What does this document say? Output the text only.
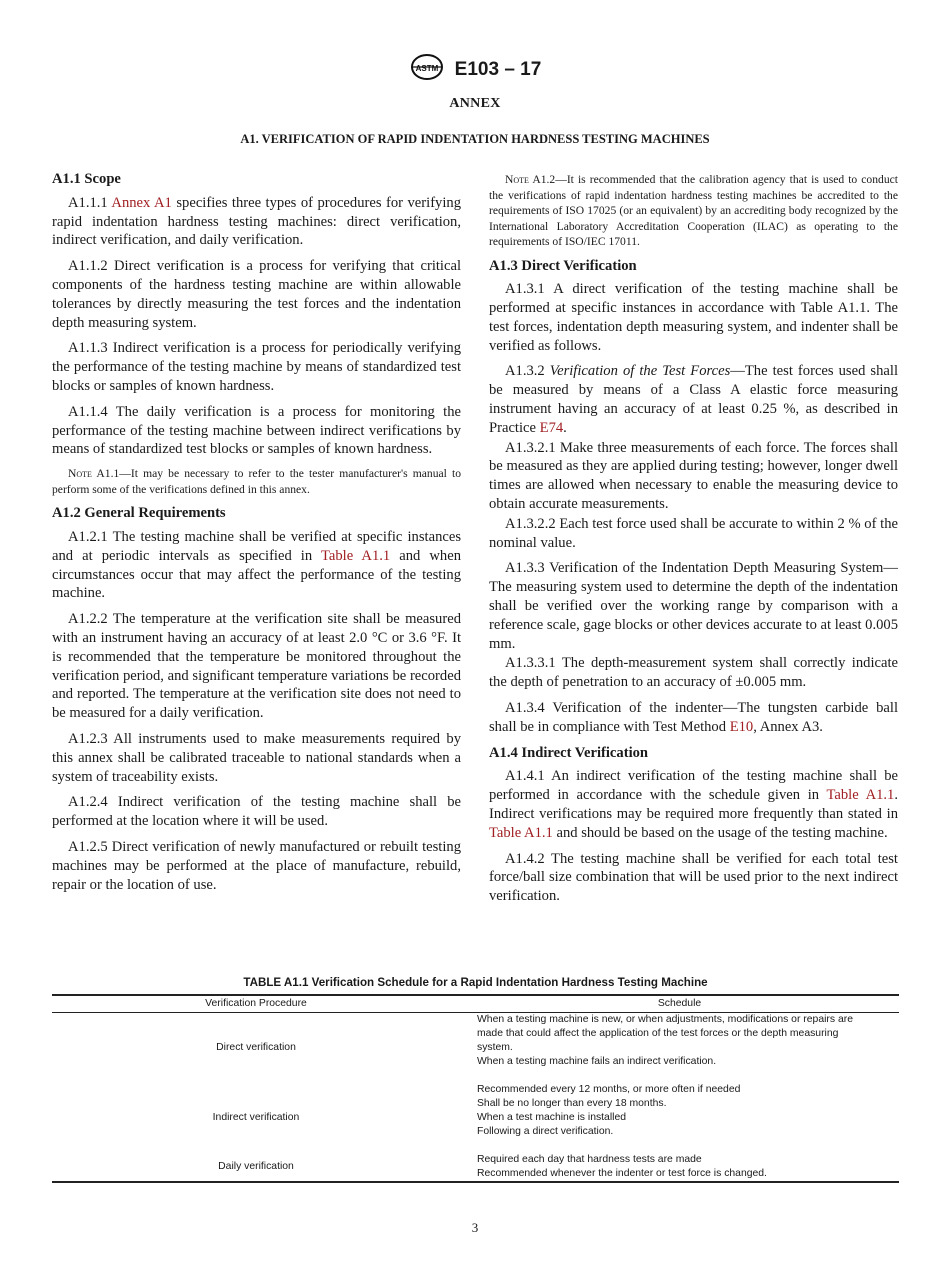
ASTM E103 – 17
ANNEX
A1. VERIFICATION OF RAPID INDENTATION HARDNESS TESTING MACHINES
A1.1 Scope

A1.1.1 Annex A1 specifies three types of procedures for verifying rapid indentation hardness testing machines: direct verification, indirect verification, and daily verification.

A1.1.2 Direct verification is a process for verifying that critical components of the hardness testing machine are within allowable tolerances by directly measuring the test forces and the indentation depth measuring system.

A1.1.3 Indirect verification is a process for periodically verifying the performance of the testing machine by means of standardized test blocks or samples of known hardness.

A1.1.4 The daily verification is a process for monitoring the performance of the testing machine between indirect verifications by means of standardized test blocks or samples of known hardness.

Note A1.1—It may be necessary to refer to the tester manufacturer's manual to perform some of the verifications defined in this annex.

A1.2 General Requirements

A1.2.1 The testing machine shall be verified at specific instances and at periodic intervals as specified in Table A1.1 and when circumstances occur that may affect the performance of the testing machine.

A1.2.2 The temperature at the verification site shall be measured with an instrument having an accuracy of at least 2.0 °C or 3.6 °F. It is recommended that the temperature be monitored throughout the verification period, and significant temperature variations be recorded and reported. The temperature at the verification site does not need to be measured for a daily verification.

A1.2.3 All instruments used to make measurements required by this annex shall be calibrated traceable to national standards when a system of traceability exists.

A1.2.4 Indirect verification of the testing machine shall be performed at the location where it will be used.

A1.2.5 Direct verification of newly manufactured or rebuilt testing machines may be performed at the place of manufacture, rebuild, repair or the location of use.

Note A1.2—It is recommended that the calibration agency that is used to conduct the verifications of rapid indentation hardness testing machines be accredited to the requirements of ISO 17025 (or an equivalent) by an accrediting body recognized by the International Laboratory Accreditation Cooperation (ILAC) as operating to the requirements of ISO/IEC 17011.

A1.3 Direct Verification

A1.3.1 A direct verification of the testing machine shall be performed at specific instances in accordance with Table A1.1. The test forces, indentation depth measuring system, and indenter shall be verified as follows.

A1.3.2 Verification of the Test Forces—The test forces used shall be measured by means of a Class A elastic force measuring instrument having an accuracy of at least 0.25 %, as described in Practice E74.

A1.3.2.1 Make three measurements of each force. The forces shall be measured as they are applied during testing; however, longer dwell times are allowed when necessary to enable the measuring device to obtain accurate measurements.

A1.3.2.2 Each test force used shall be accurate to within 2 % of the nominal value.

A1.3.3 Verification of the Indentation Depth Measuring System—The measuring system used to determine the depth of the indentation shall be verified over the working range by comparison with a reference scale, gage blocks or other devices accurate to at least 0.005 mm.

A1.3.3.1 The depth-measurement system shall correctly indicate the depth of penetration to an accuracy of ±0.005 mm.

A1.3.4 Verification of the indenter—The tungsten carbide ball shall be in compliance with Test Method E10, Annex A3.

A1.4 Indirect Verification

A1.4.1 An indirect verification of the testing machine shall be performed in accordance with the schedule given in Table A1.1. Indirect verifications may be required more frequently than stated in Table A1.1 and should be based on the usage of the testing machine.

A1.4.2 The testing machine shall be verified for each total test force/ball size combination that will be used prior to the next indirect verification.

TABLE A1.1 Verification Schedule for a Rapid Indentation Hardness Testing Machine
Verification Procedure	Schedule
Direct verification	When a testing machine is new, or when adjustments, modifications or repairs are
made that could affect the application of the test forces or the depth measuring
system.
When a testing machine fails an indirect verification.

Indirect verification	Recommended every 12 months, or more often if needed
Shall be no longer than every 18 months.
When a test machine is installed
Following a direct verification.

Daily verification	Required each day that hardness tests are made
Recommended whenever the indenter or test force is changed.
3
